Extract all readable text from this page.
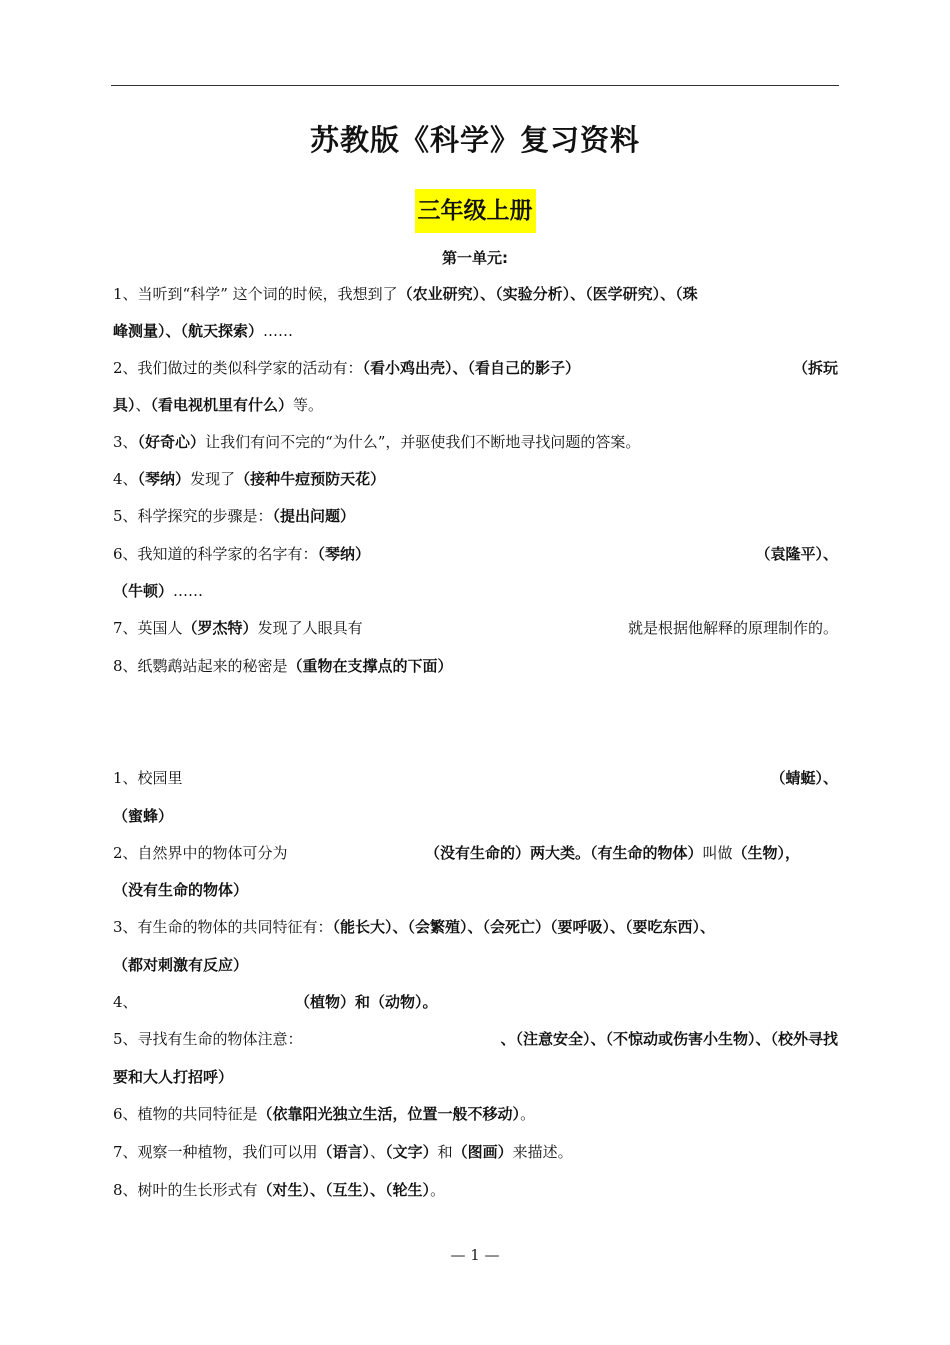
苏教版《科学》复习资料
三年级上册
第一单元:
1、当听到“科学” 这个词的时候，我想到了（农业研究）、（实验分析）、（医学研究）、（珠
峰测量）、（航天探索）……
2、我们做过的类似科学家的活动有：（看小鸡出壳）、（看自己的影子）	（拆玩
具）、（看电视机里有什么）等。
3、（好奇心）让我们有问不完的“为什么”，并驱使我们不断地寻找问题的答案。
4、（琴纳）发现了（接种牛痘预防天花）
5、科学探究的步骤是：（提出问题）
6、我知道的科学家的名字有：（琴纳）	（袁隆平）、
（牛顿）……
7、英国人（罗杰特）发现了人眼具有	就是根据他解释的原理制作的。
8、纸鹦鹉站起来的秘密是（重物在支撑点的下面）
1、校园里	（蜻蜓）、
（蜜蜂）
2、自然界中的物体可分为	（没有生命的）两大类。（有生命的物体）叫做（生物），
（没有生命的物体）
3、有生命的物体的共同特征有：（能长大）、（会繁殖）、（会死亡）（要呼吸）、（要吃东西）、
（都对刺激有反应）
4、	（植物）和（动物）。
5、寻找有生命的物体注意：	、（注意安全）、（不惊动或伤害小生物）、（校外寻找
要和大人打招呼）
6、植物的共同特征是（依靠阳光独立生活，位置一般不移动）。
7、观察一种植物，我们可以用（语言）、（文字）和（图画）来描述。
8、树叶的生长形式有（对生）、（互生）、（轮生）。
— 1 —
